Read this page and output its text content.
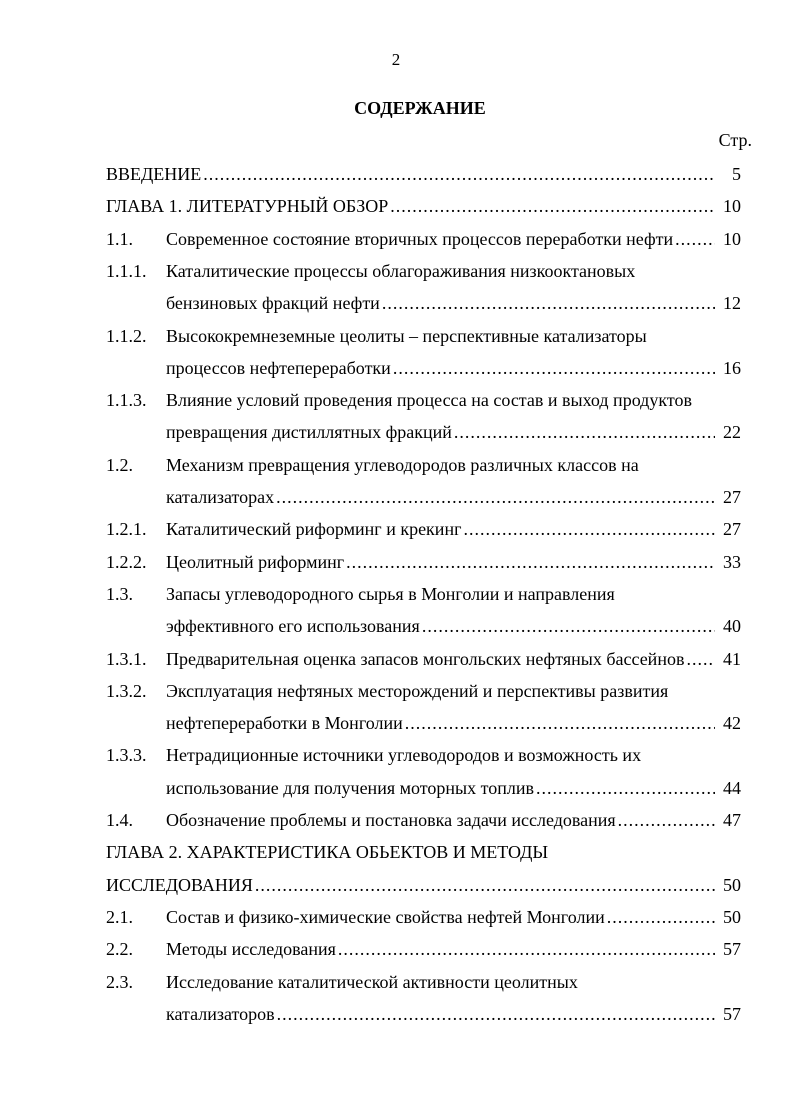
2
СОДЕРЖАНИЕ
Стр.
ВВЕДЕНИЕ .....	5
ГЛАВА 1. ЛИТЕРАТУРНЫЙ ОБЗОР .....	10
1.1.	Современное состояние вторичных процессов переработки нефти .....	10
1.1.1.	Каталитические процессы облагораживания низкооктановых
бензиновых фракций нефти .....	12
1.1.2.	Высококремнеземные цеолиты – перспективные катализаторы
процессов нефтепереработки .....	16
1.1.3.	Влияние условий проведения процесса на состав и выход продуктов
превращения дистиллятных фракций .....	22
1.2.	Механизм превращения углеводородов различных классов на
катализаторах .....	27
1.2.1.	Каталитический риформинг и крекинг .....	27
1.2.2.	Цеолитный риформинг .....	33
1.3.	Запасы углеводородного сырья в Монголии и направления
эффективного его использования .....	40
1.3.1.	Предварительная оценка запасов монгольских нефтяных бассейнов ..... 41
1.3.2.	Эксплуатация нефтяных месторождений и перспективы развития
нефтепереработки в Монголии .....	42
1.3.3.	Нетрадиционные источники углеводородов и возможность их
использование для получения моторных топлив .....	44
1.4.	Обозначение проблемы и постановка задачи исследования .....	47
ГЛАВА 2. ХАРАКТЕРИСТИКА ОБЬЕКТОВ И МЕТОДЫ
ИССЛЕДОВАНИЯ .....	50
2.1.	Состав и физико-химические свойства нефтей Монголии .....	50
2.2.	Методы исследования .....	57
2.3.	Исследование каталитической активности цеолитных
катализаторов .....	57
